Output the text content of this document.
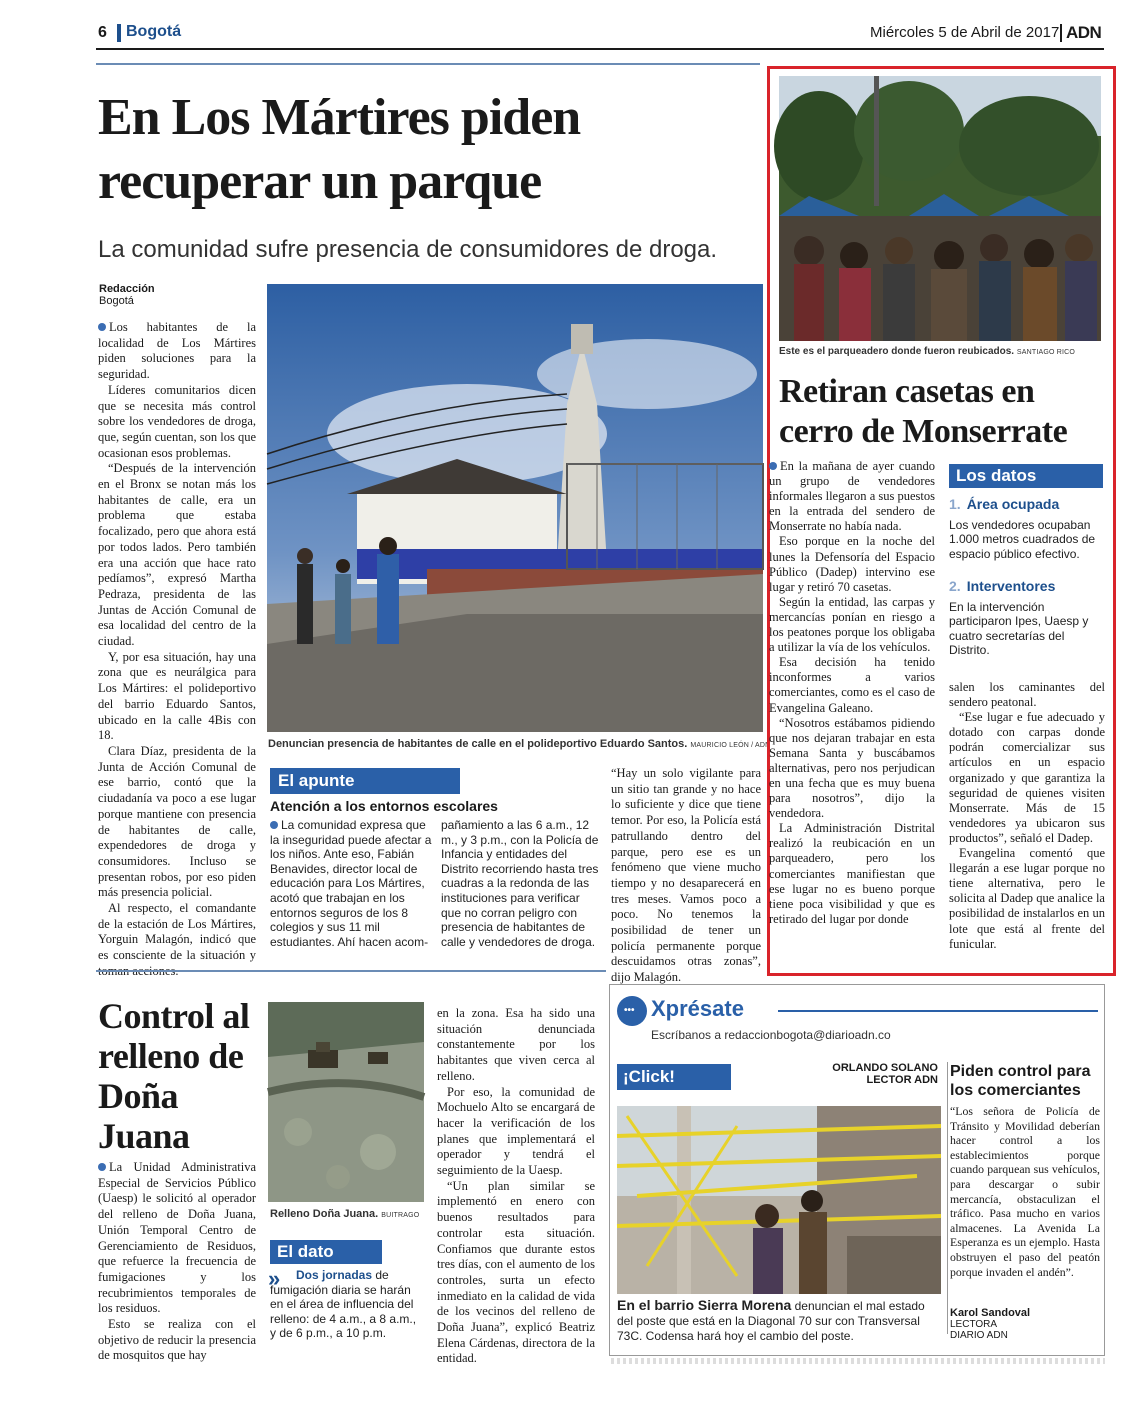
6 Bogotá	Miércoles 5 de Abril de 2017 ADN
En Los Mártires piden recuperar un parque
La comunidad sufre presencia de consumidores de droga.
Redacción
Bogotá

Los habitantes de la localidad de Los Mártires piden soluciones para la seguridad.

Líderes comunitarios dicen que se necesita más control sobre los vendedores de droga, que, según cuentan, son los que ocasionan esos problemas.

“Después de la intervención en el Bronx se notan más los habitantes de calle, era un problema que estaba focalizado, pero que ahora está por todos lados. Pero también era una acción que hace rato pedíamos”, expresó Martha Pedraza, presidenta de las Juntas de Acción Comunal de esa localidad del centro de la ciudad.

Y, por esa situación, hay una zona que es neurálgica para Los Mártires: el polideportivo del barrio Eduardo Santos, ubicado en la calle 4Bis con 18.

Clara Díaz, presidenta de la Junta de Acción Comunal de ese barrio, contó que la ciudadanía va poco a ese lugar porque mantiene con presencia de habitantes de calle, expendedores de droga y consumidores. Incluso se presentan robos, por eso piden más presencia policial.

Al respecto, el comandante de la estación de Los Mártires, Yorguin Malagón, indicó que es consciente de la situación y

Denuncian presencia de habitantes de calle en el polideportivo Eduardo Santos. MAURICIO LEÓN / ADN
El apunte
Atención a los entornos escolares
La comunidad expresa que la inseguridad puede afectar a los niños. Ante eso, Fabián Benavides, director local de educación para Los Mártires, acotó que trabajan en los entornos seguros de los 8 colegios y sus 11 mil estudiantes. Ahí hacen acom-
pañamiento a las 6 a.m., 12 m., y 3 p.m., con la Policía de Infancia y entidades del Distrito recorriendo hasta tres cuadras a la redonda de las instituciones para verificar que no corran peligro con presencia de habitantes de calle y vendedores de droga.

“Hay un solo vigilante para un sitio tan grande y no hace lo suficiente y dice que tiene temor. Por eso, la Policía está patrullando dentro del parque, pero ese es un fenómeno que viene mucho tiempo y no desaparecerá en tres meses. Vamos poco a poco. No tenemos la posibilidad de tener un policía permanente porque descuidamos otras zonas”, dijo Malagón.

Este es el parqueadero donde fueron reubicados. SANTIAGO RICO
Retiran casetas en cerro de Monserrate

En la mañana de ayer cuando un grupo de vendedores informales llegaron a sus puestos en la entrada del sendero de Monserrate no había nada.

Eso porque en la noche del lunes la Defensoría del Espacio Público (Dadep) intervino ese lugar y retiró 70 casetas.

Según la entidad, las carpas y mercancías ponían en riesgo a los peatones porque los obligaba a utilizar la vía de los vehículos.

Esa decisión ha tenido inconformes a varios comerciantes, como es el caso de Evangelina Galeano.

“Nosotros estábamos pidiendo que nos dejaran trabajar en esta Semana Santa y buscábamos alternativas, pero nos perjudican en una fecha que es muy buena para nosotros”, dijo la vendedora.

La Administración Distrital realizó la reubicación en un parqueadero, pero los comerciantes manifiestan que ese lugar no es bueno porque tiene poca visibilidad y que es retirado del lugar por donde

Los datos
1. Área ocupada
Los vendedores ocupaban 1.000 metros cuadrados de espacio público efectivo.
2. Interventores
En la intervención participaron Ipes, Uaesp y cuatro secretarías del Distrito.

salen los caminantes del sendero peatonal.

“Ese lugar e fue adecuado y dotado con carpas donde podrán comercializar sus artículos en un espacio organizado y que garantiza la seguridad de quienes visiten Monserrate. Más de 15 vendedores ya ubicaron sus productos”, señaló el Dadep.

Evangelina comentó que llegarán a ese lugar porque no tiene alternativa, pero le solicita al Dadep que analice la posibilidad de instalarlos en un lote que está al frente del funicular.

Control al relleno de Doña Juana

La Unidad Administrativa Especial de Servicios Público (Uaesp) le solicitó al operador del relleno de Doña Juana, Unión Temporal Centro de Gerenciamiento de Residuos, que refuerce la frecuencia de fumigaciones y los recubrimientos temporales de los residuos.

Esto se realiza con el objetivo de reducir la presencia de mosquitos que hay

Relleno Doña Juana. BUITRAGO
El dato
»	Dos jornadas de fumigación diaria se harán en el área de influencia del relleno: de 4 a.m., a 8 a.m., y de 6 p.m., a 10 p.m.

en la zona. Esa ha sido una situación denunciada constantemente por los habitantes que viven cerca al relleno.

Por eso, la comunidad de Mochuelo Alto se encargará de hacer la verificación de los planes que implementará el operador y tendrá el seguimiento de la Uaesp.

“Un plan similar se implementó en enero con buenos resultados para controlar esta situación. Confiamos que durante estos tres días, con el aumento de los controles, surta un efecto inmediato en la calidad de vida de los vecinos del relleno de Doña Juana”, explicó Beatriz Elena Cárdenas, directora de la entidad.

••• Xprésate
Escríbanos a redaccionbogota@diarioadn.co
¡Click!	ORLANDO SOLANO
LECTOR ADN
En el barrio Sierra Morena denuncian el mal estado del poste que está en la Diagonal 70 sur con Transversal 73C. Codensa hará hoy el cambio del poste.
Piden control para los comerciantes
“Los señora de Policía de Tránsito y Movilidad deberían hacer control a los establecimientos porque cuando parquean sus vehículos, para descargar o subir mercancía, obstaculizan el tráfico. Pasa mucho en varios almacenes. La Avenida La Esperanza es un ejemplo. Hasta obstruyen el paso del peatón porque invaden el andén”.
Karol Sandoval
LECTORA
DIARIO ADN
